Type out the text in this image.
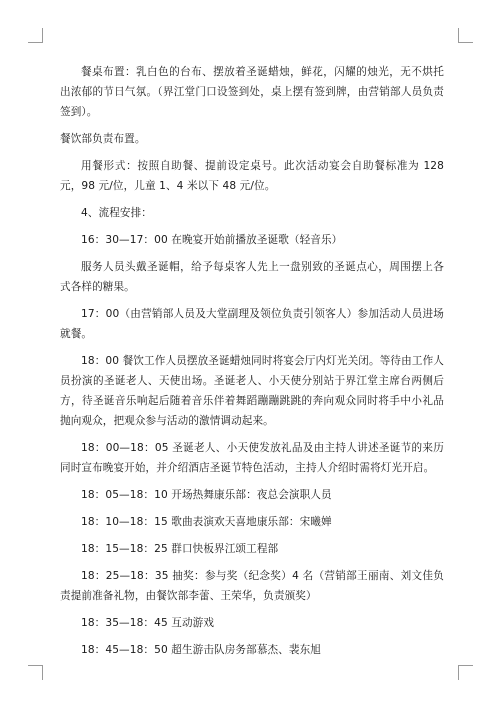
餐桌布置：乳白色的台布、摆放着圣诞蜡烛，鲜花，闪耀的烛光，无不烘托出浓郁的节日气氛。（界江堂门口设签到处，桌上摆有签到牌，由营销部人员负责签到）。

餐饮部负责布置。

用餐形式：按照自助餐、提前设定桌号。此次活动宴会自助餐标准为 128 元，98 元/位，儿童 1、4 米以下 48 元/位。

4、流程安排：

16：30—17：00 在晚宴开始前播放圣诞歌（轻音乐）

服务人员头戴圣诞帽，给予每桌客人先上一盘别致的圣诞点心，周围摆上各式各样的糖果。

17：00（由营销部人员及大堂副理及领位负责引领客人）参加活动人员进场就餐。

18：00 餐饮工作人员摆放圣诞蜡烛同时将宴会厅内灯光关闭。等待由工作人员扮演的圣诞老人、天使出场。圣诞老人、小天使分别站于界江堂主席台两侧后方，待圣诞音乐响起后随着音乐伴着舞蹈蹦蹦跳跳的奔向观众同时将手中小礼品抛向观众，把观众参与活动的激情调动起来。

18：00—18：05 圣诞老人、小天使发放礼品及由主持人讲述圣诞节的来历同时宣布晚宴开始，并介绍酒店圣诞节特色活动，主持人介绍时需将灯光开启。

18：05—18：10 开场热舞康乐部：夜总会演职人员

18：10—18：15 歌曲表演欢天喜地康乐部：宋曦婵

18：15—18：25 群口快板界江颂工程部

18：25—18：35 抽奖：参与奖（纪念奖）4 名（营销部王丽南、刘文佳负责提前准备礼物，由餐饮部李蕾、王荣华，负责颁奖）

18：35—18：45 互动游戏

18：45—18：50 超生游击队房务部慕杰、裴东旭
